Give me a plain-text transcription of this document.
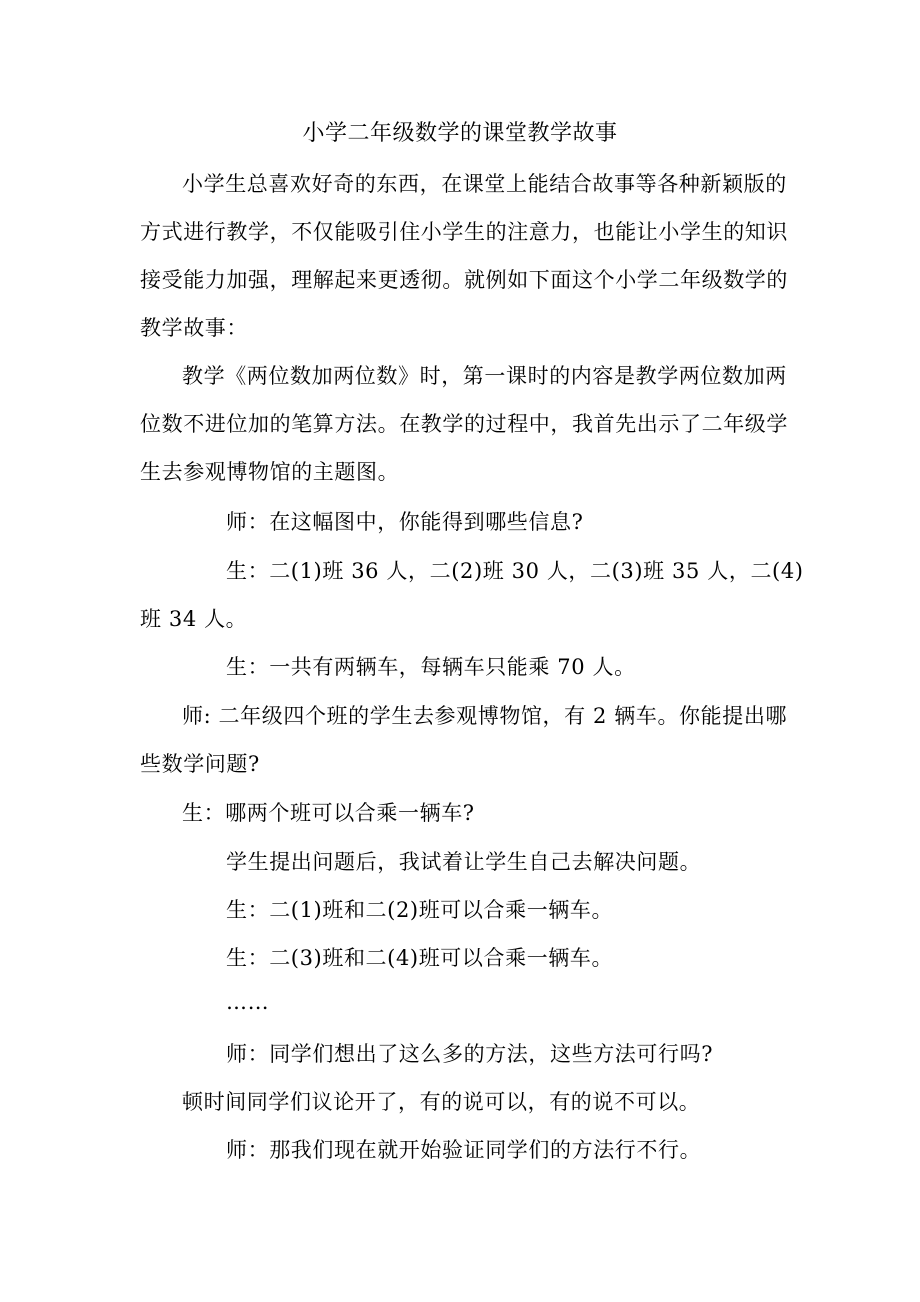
小学二年级数学的课堂教学故事
小学生总喜欢好奇的东西，在课堂上能结合故事等各种新颖版的
方式进行教学，不仅能吸引住小学生的注意力，也能让小学生的知识
接受能力加强，理解起来更透彻。就例如下面这个小学二年级数学的
教学故事：
教学《两位数加两位数》时，第一课时的内容是教学两位数加两
位数不进位加的笔算方法。在教学的过程中，我首先出示了二年级学
生去参观博物馆的主题图。
师：在这幅图中，你能得到哪些信息?
生：二(1)班 36 人，二(2)班 30 人，二(3)班 35 人，二(4)
班 34 人。
生：一共有两辆车，每辆车只能乘 70 人。
师: 二年级四个班的学生去参观博物馆，有 2 辆车。你能提出哪
些数学问题?
生：哪两个班可以合乘一辆车?
学生提出问题后，我试着让学生自己去解决问题。
生：二(1)班和二(2)班可以合乘一辆车。
生：二(3)班和二(4)班可以合乘一辆车。
……
师：同学们想出了这么多的方法，这些方法可行吗?
顿时间同学们议论开了，有的说可以，有的说不可以。
师：那我们现在就开始验证同学们的方法行不行。
